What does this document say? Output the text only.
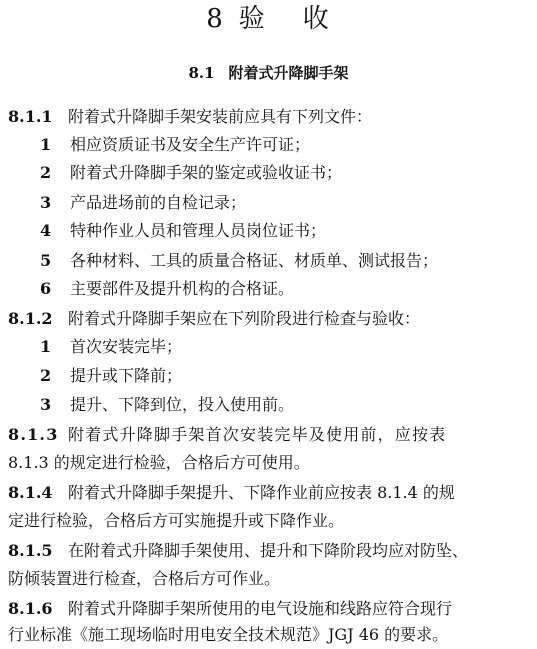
8 验 收
8.1 附着式升降脚手架
8.1.1 附着式升降脚手架安装前应具有下列文件：
1 相应资质证书及安全生产许可证；
2 附着式升降脚手架的鉴定或验收证书；
3 产品进场前的自检记录；
4 特种作业人员和管理人员岗位证书；
5 各种材料、工具的质量合格证、材质单、测试报告；
6 主要部件及提升机构的合格证。
8.1.2 附着式升降脚手架应在下列阶段进行检查与验收：
1 首次安装完毕；
2 提升或下降前；
3 提升、下降到位，投入使用前。
8.1.3 附着式升降脚手架首次安装完毕及使用前，应按表
8.1.3 的规定进行检验，合格后方可使用。
8.1.4 附着式升降脚手架提升、下降作业前应按表 8.1.4 的规
定进行检验，合格后方可实施提升或下降作业。
8.1.5 在附着式升降脚手架使用、提升和下降阶段均应对防坠、
防倾装置进行检查，合格后方可作业。
8.1.6 附着式升降脚手架所使用的电气设施和线路应符合现行
行业标准《施工现场临时用电安全技术规范》JGJ 46 的要求。
